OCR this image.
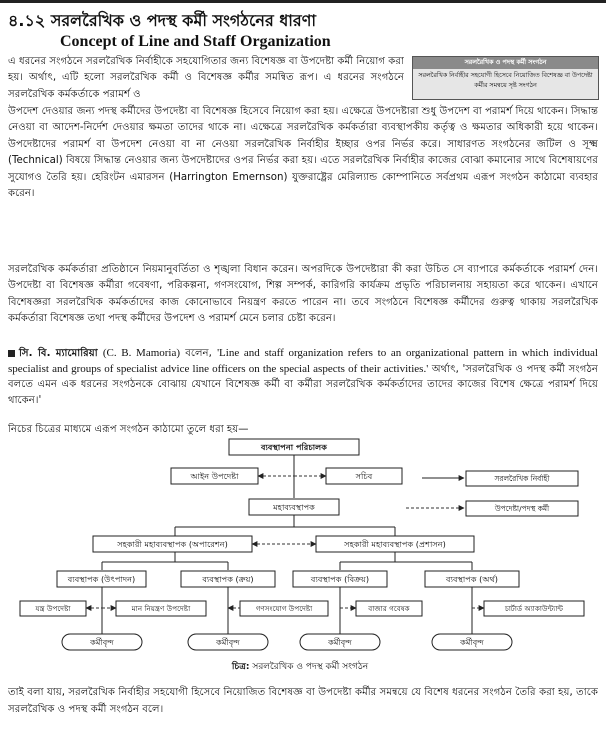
৪.১২ সরলরৈখিক ও পদস্থ কর্মী সংগঠনের ধারণা
Concept of Line and Staff Organization
সরলরৈখিক ও পদস্থ কর্মী সংগঠন
সরলরৈখিক নির্বাহীর সহযোগী হিসেবে নিয়োজিত বিশেষজ্ঞ বা উপদেষ্টা কর্মীর সমন্বয়ে সৃষ্ট সংগঠন
এ ধরনের সংগঠনে সরলরৈখিক নির্বাহীকে সহযোগিতার জন্য বিশেষজ্ঞ বা উপদেষ্টা কর্মী নিয়োগ করা হয়। অর্থাৎ, এটি হলো সরলরৈখিক কর্মী ও বিশেষজ্ঞ কর্মীর সমন্বিত রূপ। এ ধরনের সংগঠনে সরলরৈখিক কর্মকর্তাকে পরামর্শ ও
উপদেশ দেওয়ার জন্য পদস্থ কর্মীদের উপদেষ্টা বা বিশেষজ্ঞ হিসেবে নিয়োগ করা হয়। এক্ষেত্রে উপদেষ্টারা শুধু উপদেশ বা পরামর্শ দিয়ে থাকেন। সিদ্ধান্ত নেওয়া বা আদেশ-নির্দেশ দেওয়ার ক্ষমতা তাদের থাকে না। এক্ষেত্রে সরলরৈখিক কর্মকর্তারা ব্যবস্থাপকীয় কর্তৃত্ব ও ক্ষমতার অধিকারী হয়ে থাকেন। উপদেষ্টাদের পরামর্শ বা উপদেশ নেওয়া বা না নেওয়া সরলরৈখিক নির্বাহীর ইচ্ছার ওপর নির্ভর করে। সাধারণত সংগঠনের জটিল ও সূক্ষ্ম (Technical) বিষয়ে সিদ্ধান্ত নেওয়ার জন্য উপদেষ্টাদের ওপর নির্ভর করা হয়। এতে সরলরৈখিক নির্বাহীর কাজের বোঝা কমানোর সাথে বিশেষায়ণের সুযোগও তৈরি হয়। হেরিংটন এমারসন (Harrington Emernson) যুক্তরাষ্ট্রের মেরিল্যান্ড কোম্পানিতে সর্বপ্রথম এরূপ সংগঠন কাঠামো ব্যবহার করেন।
সরলরৈখিক কর্মকর্তারা প্রতিষ্ঠানে নিয়মানুবর্তিতা ও শৃঙ্খলা বিধান করেন। অপরদিকে উপদেষ্টারা কী করা উচিত সে ব্যাপারে কর্মকর্তাকে পরামর্শ দেন। উপদেষ্টা বা বিশেষজ্ঞ কর্মীরা গবেষণা, পরিকল্পনা, গণসংযোগ, শিল্প সম্পর্ক, কারিগরি কার্যক্রম প্রভৃতি পরিচালনায় সহায়তা করে থাকেন। এখানে বিশেষজ্ঞরা সরলরৈখিক কর্মকর্তাদের কাজ কোনোভাবে নিয়ন্ত্রণ করতে পারেন না। তবে সংগঠনে বিশেষজ্ঞ কর্মীদের গুরুত্ব থাকায় সরলরৈখিক কর্মকর্তারা বিশেষজ্ঞ তথা পদস্থ কর্মীদের উপদেশ ও পরামর্শ মেনে চলার চেষ্টা করেন।
সি. বি. ম্যামোরিয়া (C. B. Mamoria) বলেন, 'Line and staff organization refers to an organizational pattern in which individual specialist and groups of specialist advice line officers on the special aspects of their activities.' অর্থাৎ, 'সরলরৈখিক ও পদস্থ কর্মী সংগঠন বলতে এমন এক ধরনের সংগঠনকে বোঝায় যেখানে বিশেষজ্ঞ কর্মী বা কর্মীরা সরলরৈখিক কর্মকর্তাদের তাদের কাজের বিশেষ ক্ষেত্রে পরামর্শ দিয়ে থাকেন।'
নিচের চিত্রের মাধ্যমে এরূপ সংগঠন কাঠামো তুলে ধরা হয়—
ব্যবস্থাপনা পরিচালক
আইন উপদেষ্টা	সচিব
মহাব্যবস্থাপক
সহকারী মহাব্যবস্থাপক (অপারেশন)	সহকারী মহাব্যবস্থাপক (প্রশাসন)
ব্যবস্থাপক (উৎপাদন)	ব্যবস্থাপক (ক্রয়)	ব্যবস্থাপক (বিক্রয়)	ব্যবস্থাপক (অর্থ)
যন্ত্র উপদেষ্টা	মান নিয়ন্ত্রণ উপদেষ্টা	গণসংযোগ উপদেষ্টা	বাজার গবেষক	চার্টার্ড অ্যাকাউন্ট্যান্ট
সরলরৈখিক নির্বাহী
উপদেষ্টা/পদস্থ কর্মী
কর্মীবৃন্দ	কর্মীবৃন্দ	কর্মীবৃন্দ	কর্মীবৃন্দ
চিত্র: সরলরৈখিক ও পদস্থ কর্মী সংগঠন
তাই বলা যায়, সরলরৈখিক নির্বাহীর সহযোগী হিসেবে নিয়োজিত বিশেষজ্ঞ বা উপদেষ্টা কর্মীর সমন্বয়ে যে বিশেষ ধরনের সংগঠন তৈরি করা হয়, তাকে সরলরৈখিক ও পদস্থ কর্মী সংগঠন বলে।
